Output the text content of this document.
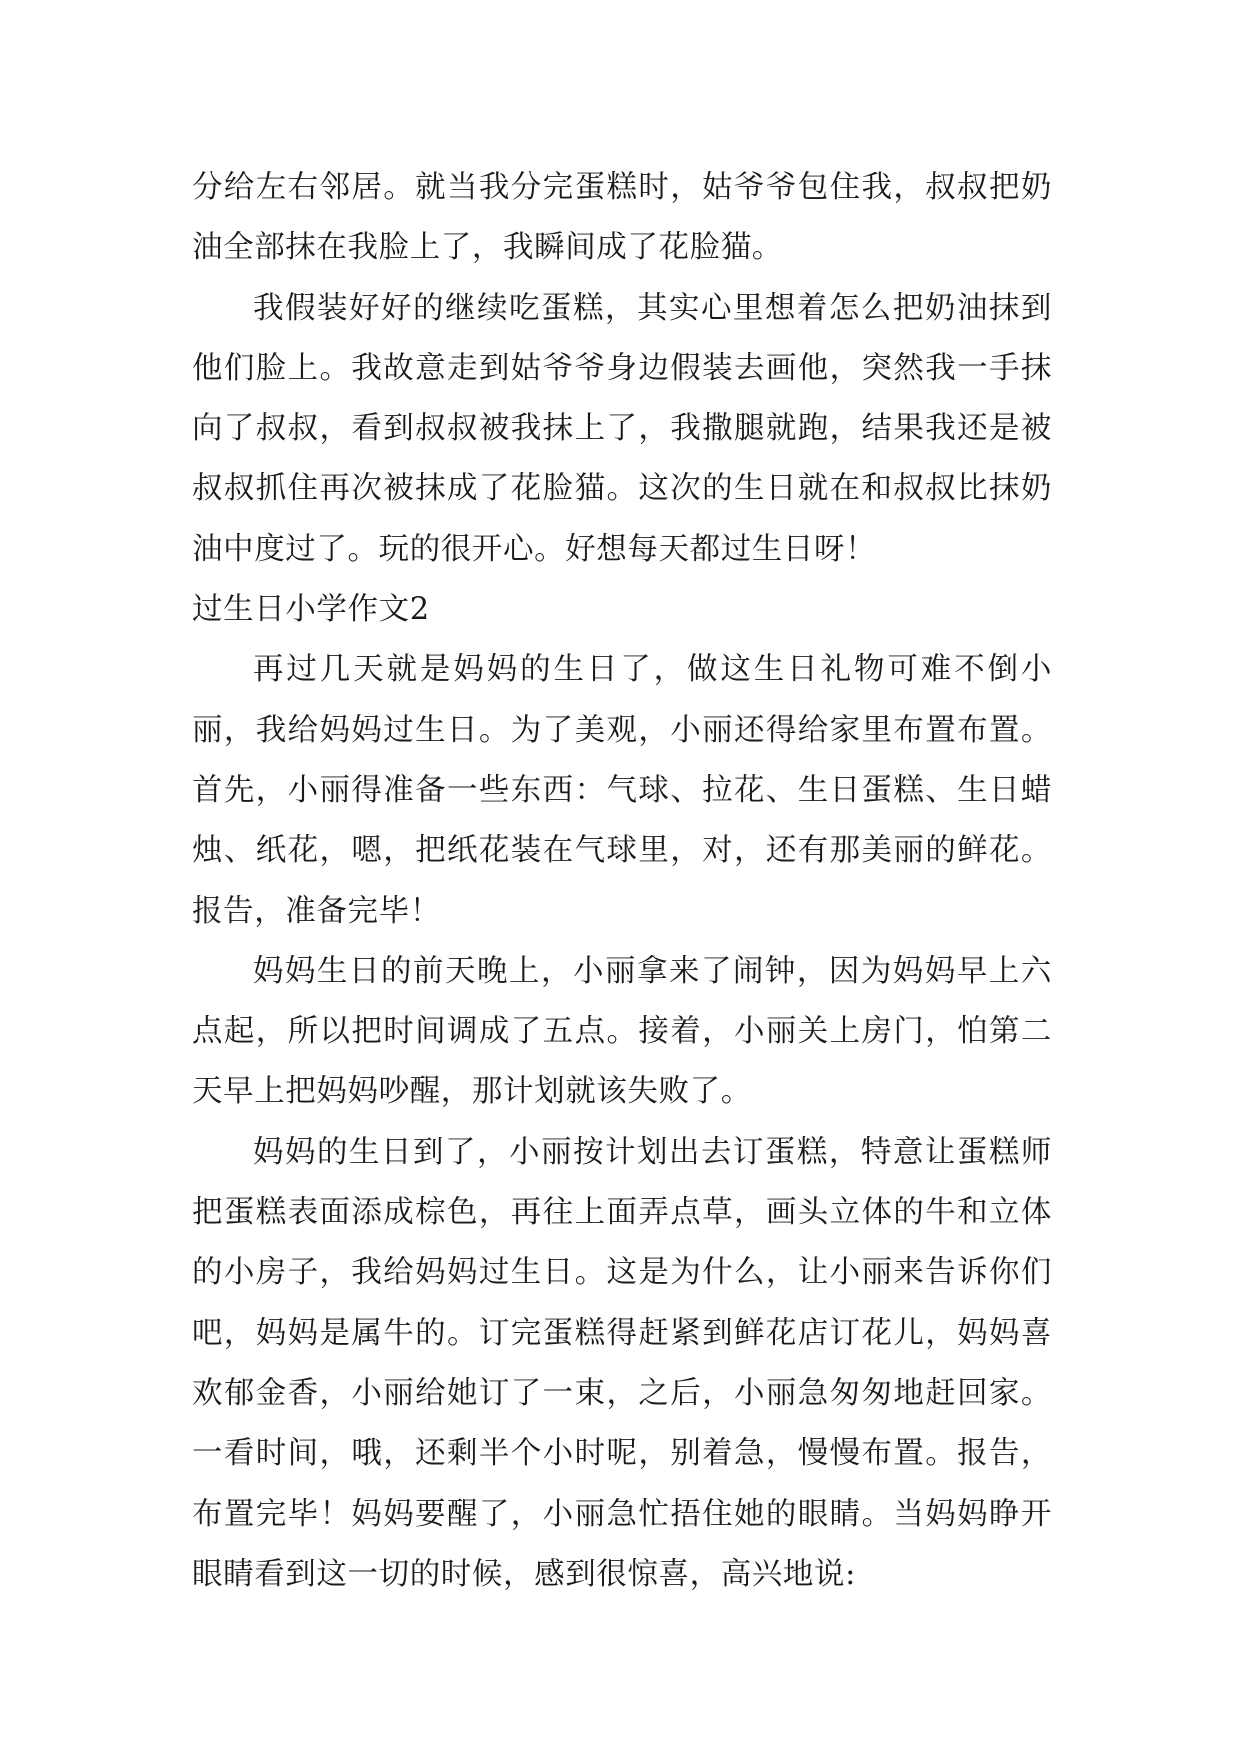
分给左右邻居。就当我分完蛋糕时，姑爷爷包住我，叔叔把奶油全部抹在我脸上了，我瞬间成了花脸猫。

我假装好好的继续吃蛋糕，其实心里想着怎么把奶油抹到他们脸上。我故意走到姑爷爷身边假装去画他，突然我一手抹向了叔叔，看到叔叔被我抹上了，我撒腿就跑，结果我还是被叔叔抓住再次被抹成了花脸猫。这次的生日就在和叔叔比抹奶油中度过了。玩的很开心。好想每天都过生日呀！

过生日小学作文2

再过几天就是妈妈的生日了，做这生日礼物可难不倒小丽，我给妈妈过生日。为了美观，小丽还得给家里布置布置。首先，小丽得准备一些东西：气球、拉花、生日蛋糕、生日蜡烛、纸花，嗯，把纸花装在气球里，对，还有那美丽的鲜花。报告，准备完毕！

妈妈生日的前天晚上，小丽拿来了闹钟，因为妈妈早上六点起，所以把时间调成了五点。接着，小丽关上房门，怕第二天早上把妈妈吵醒，那计划就该失败了。

妈妈的生日到了，小丽按计划出去订蛋糕，特意让蛋糕师把蛋糕表面添成棕色，再往上面弄点草，画头立体的牛和立体的小房子，我给妈妈过生日。这是为什么，让小丽来告诉你们吧，妈妈是属牛的。订完蛋糕得赶紧到鲜花店订花儿，妈妈喜欢郁金香，小丽给她订了一束，之后，小丽急匆匆地赶回家。一看时间，哦，还剩半个小时呢，别着急，慢慢布置。报告，布置完毕！妈妈要醒了，小丽急忙捂住她的眼睛。当妈妈睁开眼睛看到这一切的时候，感到很惊喜，高兴地说:
